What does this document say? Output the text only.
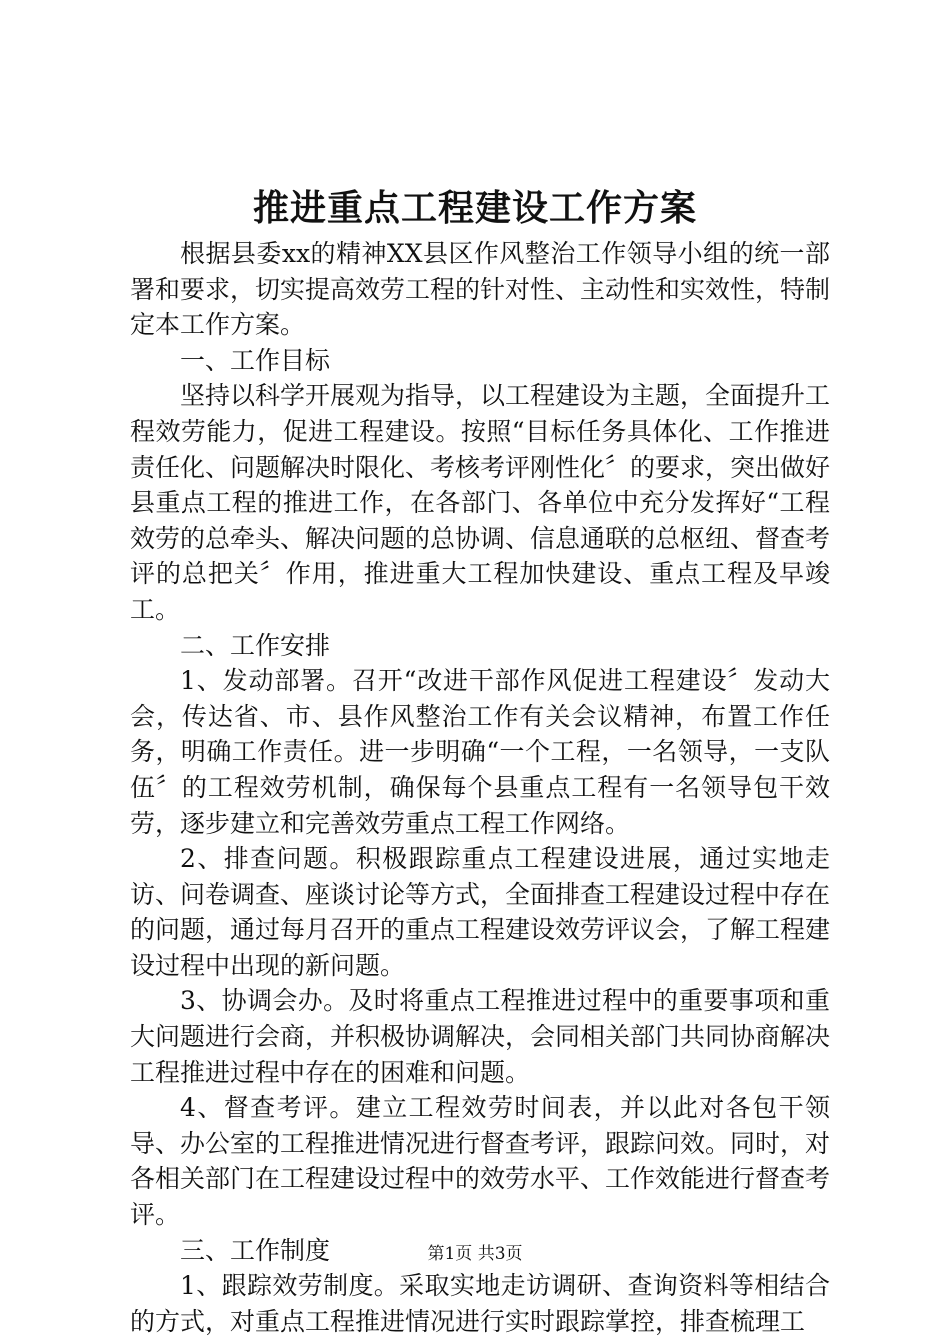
推进重点工程建设工作方案

根据县委xx的精神XX县区作风整治工作领导小组的统一部署和要求，切实提高效劳工程的针对性、主动性和实效性，特制定本工作方案。

一、工作目标

坚持以科学开展观为指导，以工程建设为主题，全面提升工程效劳能力，促进工程建设。按照“目标任务具体化、工作推进责任化、问题解决时限化、考核考评刚性化〞的要求，突出做好县重点工程的推进工作，在各部门、各单位中充分发挥好“工程效劳的总牵头、解决问题的总协调、信息通联的总枢纽、督查考评的总把关〞作用，推进重大工程加快建设、重点工程及早竣工。

二、工作安排

1、发动部署。召开“改进干部作风促进工程建设〞发动大会，传达省、市、县作风整治工作有关会议精神，布置工作任务，明确工作责任。进一步明确“一个工程，一名领导，一支队伍〞的工程效劳机制，确保每个县重点工程有一名领导包干效劳，逐步建立和完善效劳重点工程工作网络。

2、排查问题。积极跟踪重点工程建设进展，通过实地走访、问卷调查、座谈讨论等方式，全面排查工程建设过程中存在的问题，通过每月召开的重点工程建设效劳评议会，了解工程建设过程中出现的新问题。

3、协调会办。及时将重点工程推进过程中的重要事项和重大问题进行会商，并积极协调解决，会同相关部门共同协商解决工程推进过程中存在的困难和问题。

4、督查考评。建立工程效劳时间表，并以此对各包干领导、办公室的工程推进情况进行督查考评，跟踪问效。同时，对各相关部门在工程建设过程中的效劳水平、工作效能进行督查考评。

三、工作制度

1、跟踪效劳制度。采取实地走访调研、查询资料等相结合的方式，对重点工程推进情况进行实时跟踪掌控，排查梳理工

第1页 共3页
